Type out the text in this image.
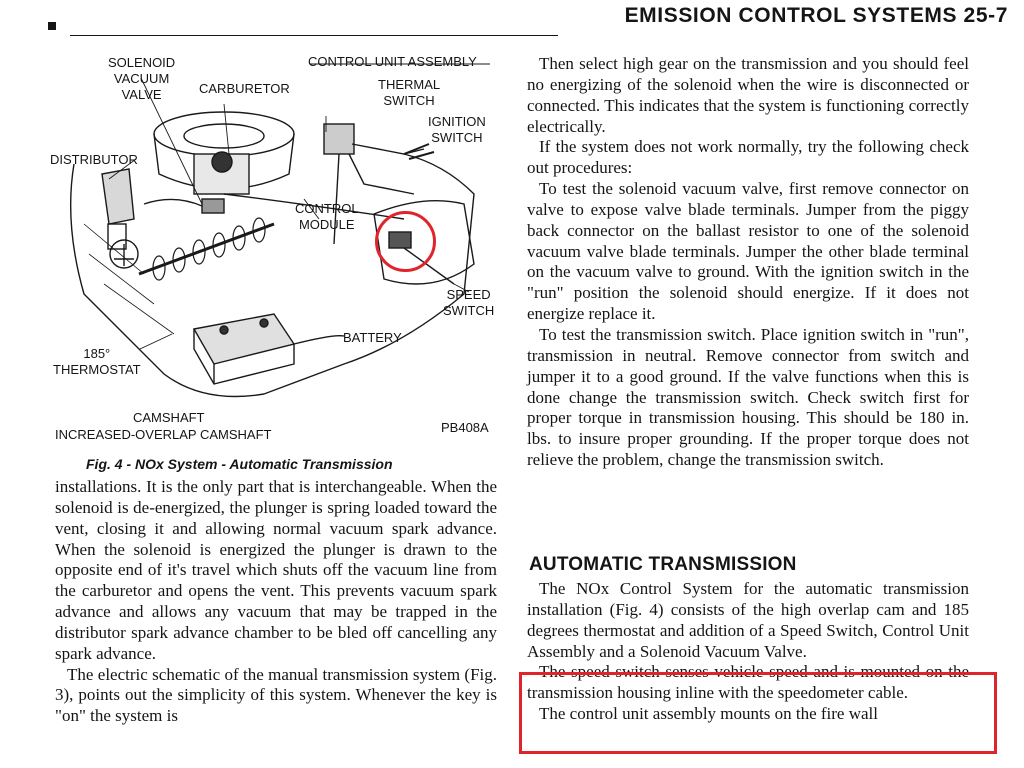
EMISSION CONTROL SYSTEMS 25-7
SOLENOID
VACUUM
VALVE	CARBURETOR
CONTROL UNIT ASSEMBLY
THERMAL
SWITCH
IGNITION
SWITCH
DISTRIBUTOR
CONTROL
MODULE
SPEED
SWITCH
BATTERY
185°
THERMOSTAT
CAMSHAFT
INCREASED-OVERLAP CAMSHAFT	PB408A
Fig. 4 - NOx System - Automatic Transmission

installations. It is the only part that is interchangeable. When the solenoid is de-energized, the plunger is spring loaded toward the vent, closing it and allowing normal vacuum spark advance. When the solenoid is energized the plunger is drawn to the opposite end of it's travel which shuts off the vacuum line from the carburetor and opens the vent. This prevents vacuum spark advance and allows any vacuum that may be trapped in the distributor spark advance chamber to be bled off cancelling any spark advance.

The electric schematic of the manual transmission system (Fig. 3), points out the simplicity of this system. Whenever the key is "on" the system is

Then select high gear on the transmission and you should feel no energizing of the solenoid when the wire is disconnected or connected. This indicates that the system is functioning correctly electrically.

If the system does not work normally, try the following check out procedures:

To test the solenoid vacuum valve, first remove connector on valve to expose valve blade terminals. Jumper from the piggy back connector on the ballast resistor to one of the solenoid vacuum valve blade terminals. Jumper the other blade terminal on the vacuum valve to ground. With the ignition switch in the "run" position the solenoid should energize. If it does not energize replace it.

To test the transmission switch. Place ignition switch in "run", transmission in neutral. Remove connector from switch and jumper it to a good ground. If the valve functions when this is done change the transmission switch. Check switch first for proper torque in transmission housing. This should be 180 in. lbs. to insure proper grounding. If the proper torque does not relieve the problem, change the transmission switch.

AUTOMATIC TRANSMISSION

The NOx Control System for the automatic transmission installation (Fig. 4) consists of the high overlap cam and 185 degrees thermostat and addition of a Speed Switch, Control Unit Assembly and a Solenoid Vacuum Valve.

The speed switch senses vehicle speed and is mounted on the transmission housing inline with the speedometer cable.

The control unit assembly mounts on the fire wall
